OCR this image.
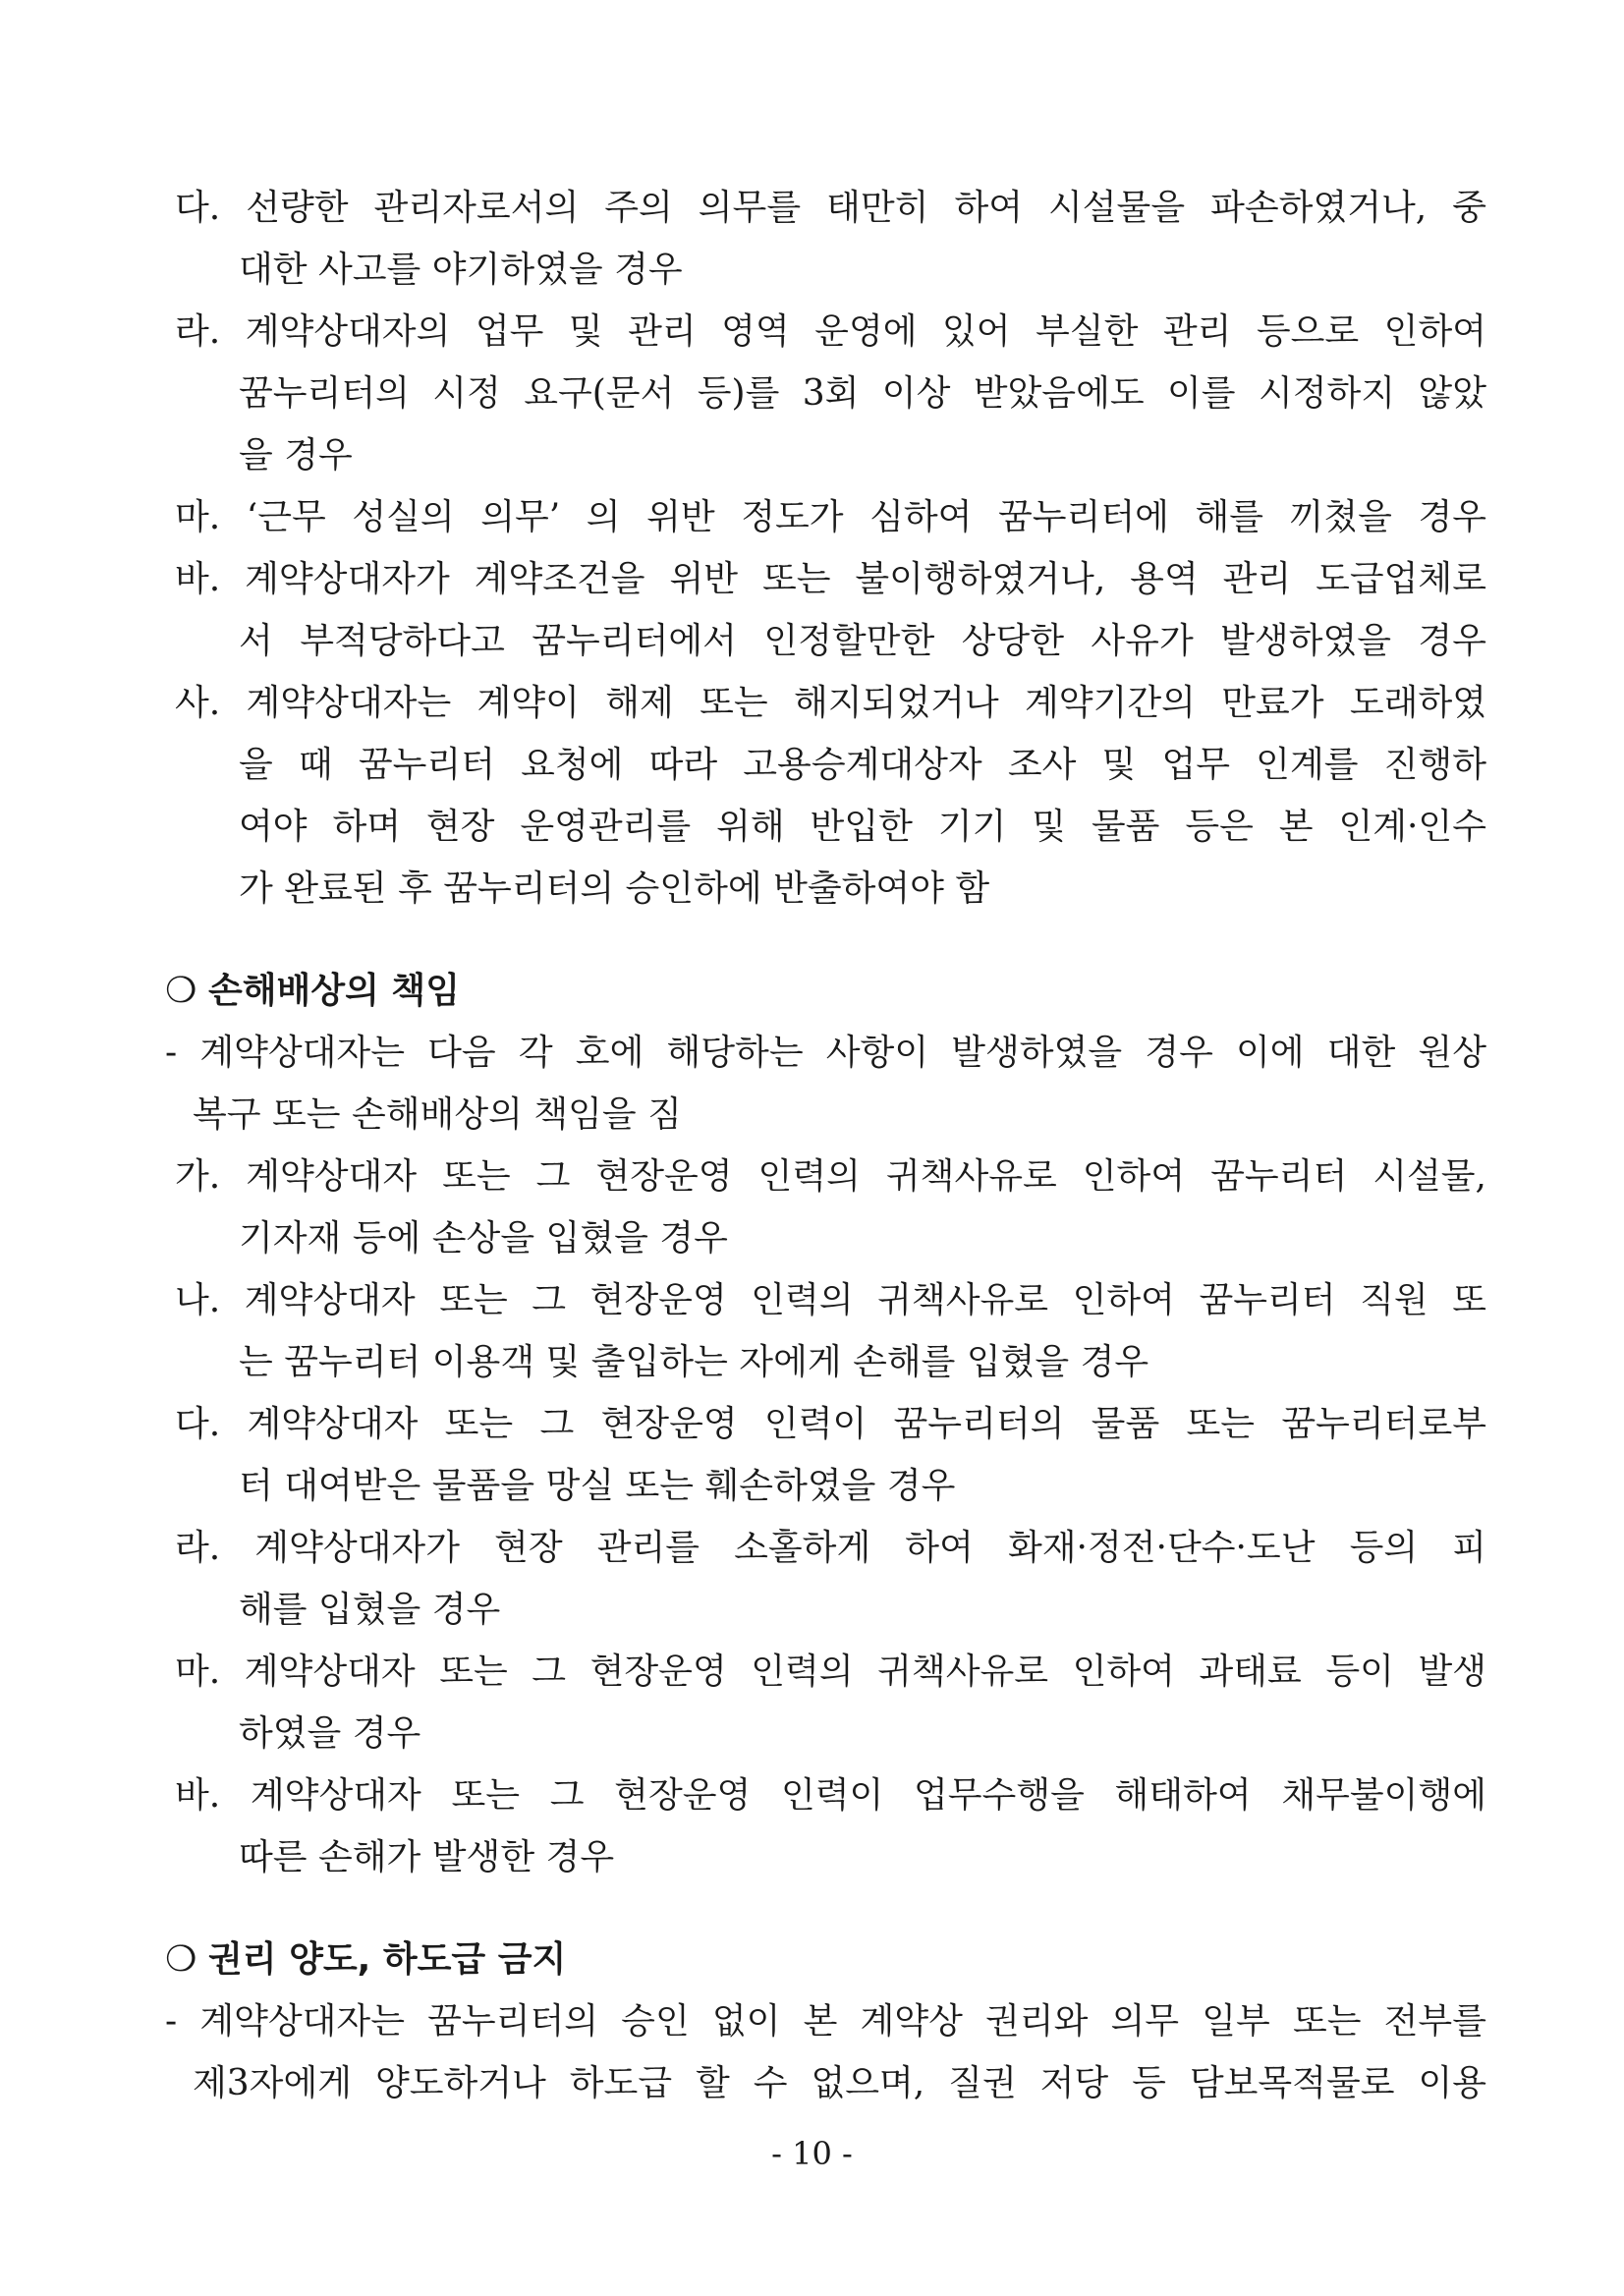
다. 선량한 관리자로서의 주의 의무를 태만히 하여 시설물을 파손하였거나, 중
대한 사고를 야기하였을 경우
라. 계약상대자의 업무 및 관리 영역 운영에 있어 부실한 관리 등으로 인하여
꿈누리터의 시정 요구(문서 등)를 3회 이상 받았음에도 이를 시정하지 않았
을 경우
마. ‘근무 성실의 의무’ 의 위반 정도가 심하여 꿈누리터에 해를 끼쳤을 경우
바. 계약상대자가 계약조건을 위반 또는 불이행하였거나, 용역 관리 도급업체로
서 부적당하다고 꿈누리터에서 인정할만한 상당한 사유가 발생하였을 경우
사. 계약상대자는 계약이 해제 또는 해지되었거나 계약기간의 만료가 도래하였
을 때 꿈누리터 요청에 따라 고용승계대상자 조사 및 업무 인계를 진행하
여야 하며 현장 운영관리를 위해 반입한 기기 및 물품 등은 본 인계·인수
가 완료된 후 꿈누리터의 승인하에 반출하여야 함
❍ 손해배상의 책임
- 계약상대자는 다음 각 호에 해당하는 사항이 발생하였을 경우 이에 대한 원상
복구 또는 손해배상의 책임을 짐
가. 계약상대자 또는 그 현장운영 인력의 귀책사유로 인하여 꿈누리터 시설물,
기자재 등에 손상을 입혔을 경우
나. 계약상대자 또는 그 현장운영 인력의 귀책사유로 인하여 꿈누리터 직원 또
는 꿈누리터 이용객 및 출입하는 자에게 손해를 입혔을 경우
다. 계약상대자 또는 그 현장운영 인력이 꿈누리터의 물품 또는 꿈누리터로부
터 대여받은 물품을 망실 또는 훼손하였을 경우
라. 계약상대자가 현장 관리를 소홀하게 하여 화재·정전·단수·도난 등의 피
해를 입혔을 경우
마. 계약상대자 또는 그 현장운영 인력의 귀책사유로 인하여 과태료 등이 발생
하였을 경우
바. 계약상대자 또는 그 현장운영 인력이 업무수행을 해태하여 채무불이행에
따른 손해가 발생한 경우
❍ 권리 양도, 하도급 금지
- 계약상대자는 꿈누리터의 승인 없이 본 계약상 권리와 의무 일부 또는 전부를
제3자에게 양도하거나 하도급 할 수 없으며, 질권 저당 등 담보목적물로 이용
- 10 -
